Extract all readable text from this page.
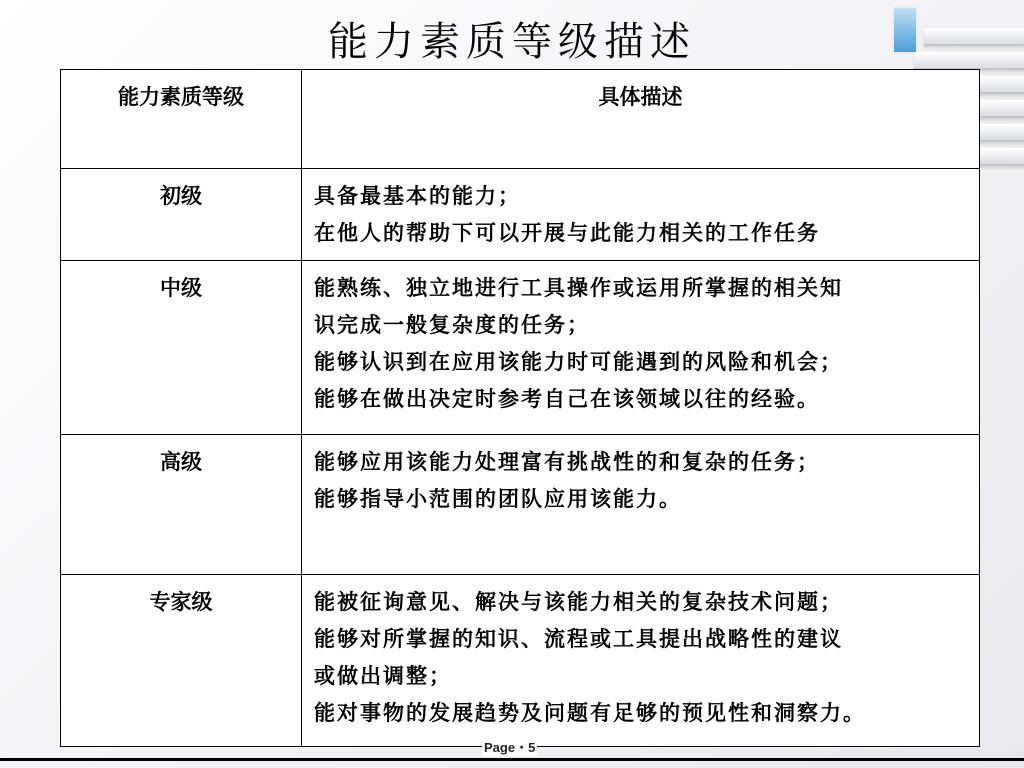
能力素质等级描述
能力素质等级	具体描述
初级	具备最基本的能力；
在他人的帮助下可以开展与此能力相关的工作任务

中级	能熟练、独立地进行工具操作或运用所掌握的相关知
识完成一般复杂度的任务；
能够认识到在应用该能力时可能遇到的风险和机会；
能够在做出决定时参考自己在该领域以往的经验。

高级	能够应用该能力处理富有挑战性的和复杂的任务；
能够指导小范围的团队应用该能力。

专家级	能被征询意见、解决与该能力相关的复杂技术问题；
能够对所掌握的知识、流程或工具提出战略性的建议
或做出调整；
能对事物的发展趋势及问题有足够的预见性和洞察力。
Page・5
